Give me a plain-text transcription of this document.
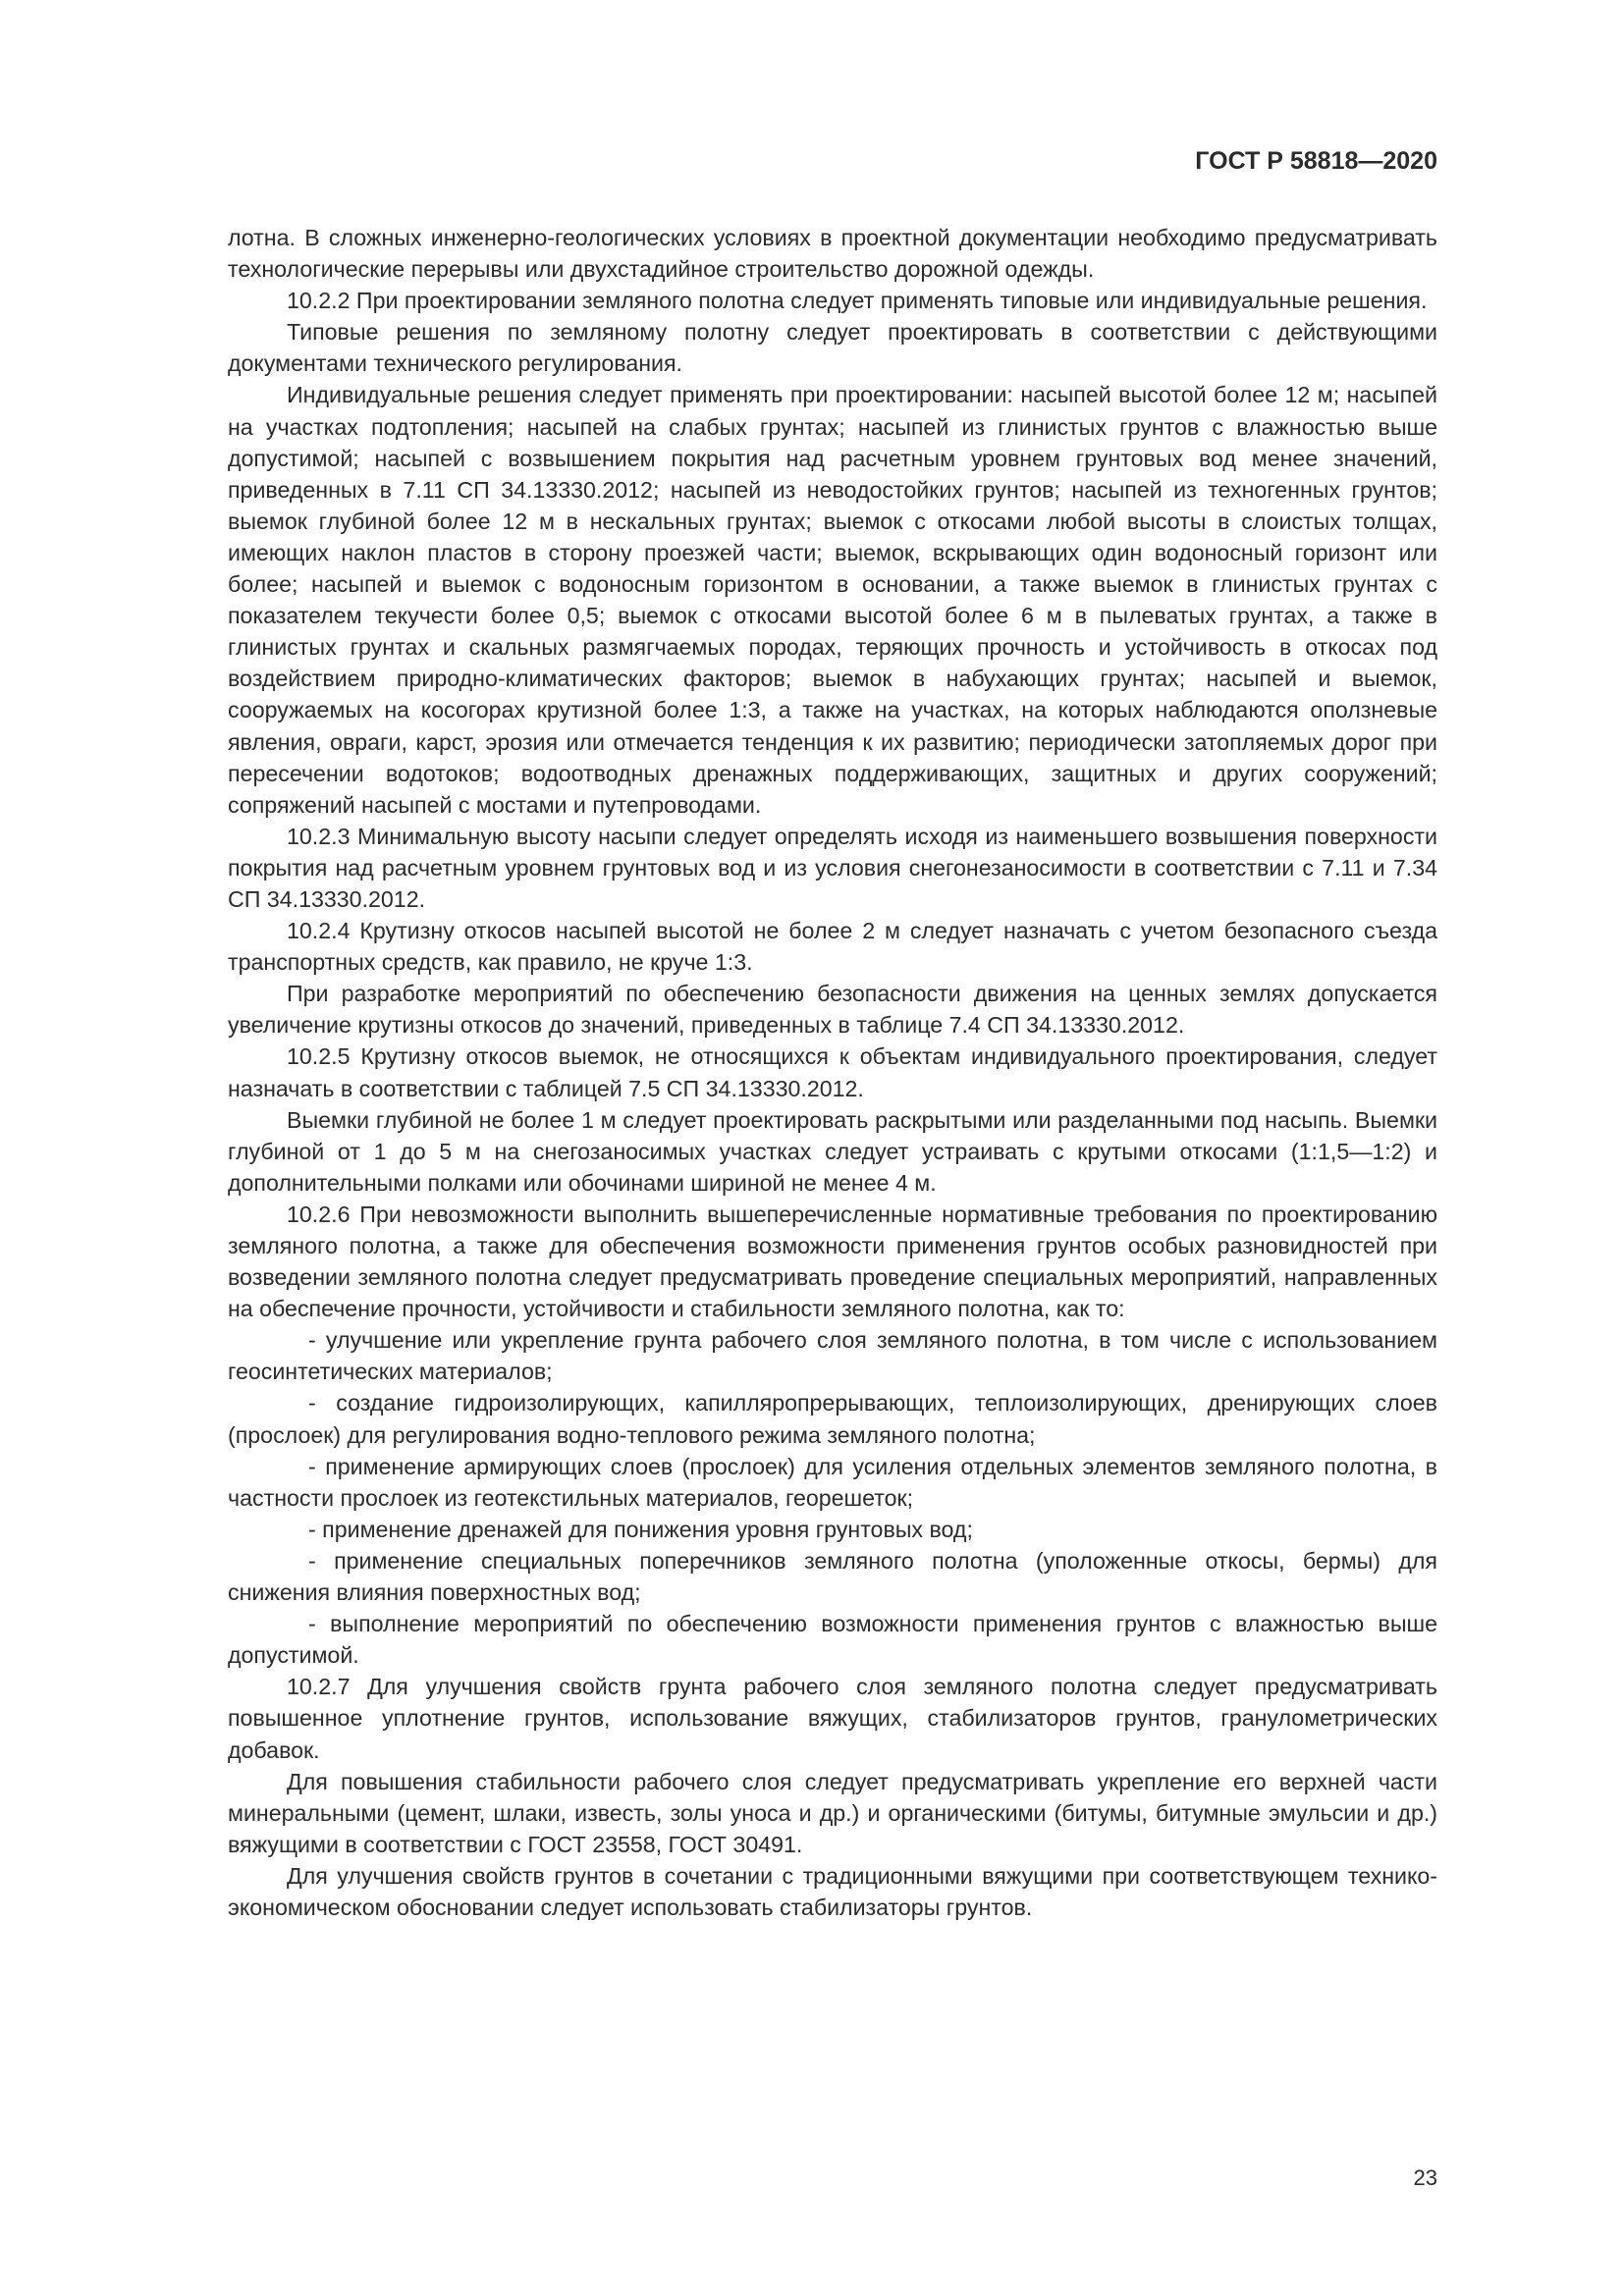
ГОСТ Р 58818—2020

лотна. В сложных инженерно-геологических условиях в проектной документации необходимо предусматривать технологические перерывы или двухстадийное строительство дорожной одежды.

10.2.2 При проектировании земляного полотна следует применять типовые или индивидуальные решения.

Типовые решения по земляному полотну следует проектировать в соответствии с действующими документами технического регулирования.

Индивидуальные решения следует применять при проектировании: насыпей высотой более 12 м; насыпей на участках подтопления; насыпей на слабых грунтах; насыпей из глинистых грунтов с влажностью выше допустимой; насыпей с возвышением покрытия над расчетным уровнем грунтовых вод менее значений, приведенных в 7.11 СП 34.13330.2012; насыпей из неводостойких грунтов; насыпей из техногенных грунтов; выемок глубиной более 12 м в нескальных грунтах; выемок с откосами любой высоты в слоистых толщах, имеющих наклон пластов в сторону проезжей части; выемок, вскрывающих один водоносный горизонт или более; насыпей и выемок с водоносным горизонтом в основании, а также выемок в глинистых грунтах с показателем текучести более 0,5; выемок с откосами высотой более 6 м в пылеватых грунтах, а также в глинистых грунтах и скальных размягчаемых породах, теряющих прочность и устойчивость в откосах под воздействием природно-климатических факторов; выемок в набухающих грунтах; насыпей и выемок, сооружаемых на косогорах крутизной более 1:3, а также на участках, на которых наблюдаются оползневые явления, овраги, карст, эрозия или отмечается тенденция к их развитию; периодически затопляемых дорог при пересечении водотоков; водоотводных дренажных поддерживающих, защитных и других сооружений; сопряжений насыпей с мостами и путепроводами.

10.2.3 Минимальную высоту насыпи следует определять исходя из наименьшего возвышения поверхности покрытия над расчетным уровнем грунтовых вод и из условия снегонезаносимости в соответствии с 7.11 и 7.34 СП 34.13330.2012.

10.2.4 Крутизну откосов насыпей высотой не более 2 м следует назначать с учетом безопасного съезда транспортных средств, как правило, не круче 1:3.

При разработке мероприятий по обеспечению безопасности движения на ценных землях допускается увеличение крутизны откосов до значений, приведенных в таблице 7.4 СП 34.13330.2012.

10.2.5 Крутизну откосов выемок, не относящихся к объектам индивидуального проектирования, следует назначать в соответствии с таблицей 7.5 СП 34.13330.2012.

Выемки глубиной не более 1 м следует проектировать раскрытыми или разделанными под насыпь. Выемки глубиной от 1 до 5 м на снегозаносимых участках следует устраивать с крутыми откосами (1:1,5—1:2) и дополнительными полками или обочинами шириной не менее 4 м.

10.2.6 При невозможности выполнить вышеперечисленные нормативные требования по проектированию земляного полотна, а также для обеспечения возможности применения грунтов особых разновидностей при возведении земляного полотна следует предусматривать проведение специальных мероприятий, направленных на обеспечение прочности, устойчивости и стабильности земляного полотна, как то:

- улучшение или укрепление грунта рабочего слоя земляного полотна, в том числе с использованием геосинтетических материалов;

- создание гидроизолирующих, капилляропрерывающих, теплоизолирующих, дренирующих слоев (прослоек) для регулирования водно-теплового режима земляного полотна;

- применение армирующих слоев (прослоек) для усиления отдельных элементов земляного полотна, в частности прослоек из геотекстильных материалов, георешеток;

- применение дренажей для понижения уровня грунтовых вод;

- применение специальных поперечников земляного полотна (уположенные откосы, бермы) для снижения влияния поверхностных вод;

- выполнение мероприятий по обеспечению возможности применения грунтов с влажностью выше допустимой.

10.2.7 Для улучшения свойств грунта рабочего слоя земляного полотна следует предусматривать повышенное уплотнение грунтов, использование вяжущих, стабилизаторов грунтов, гранулометрических добавок.

Для повышения стабильности рабочего слоя следует предусматривать укрепление его верхней части минеральными (цемент, шлаки, известь, золы уноса и др.) и органическими (битумы, битумные эмульсии и др.) вяжущими в соответствии с ГОСТ 23558, ГОСТ 30491.

Для улучшения свойств грунтов в сочетании с традиционными вяжущими при соответствующем технико-экономическом обосновании следует использовать стабилизаторы грунтов.

23
